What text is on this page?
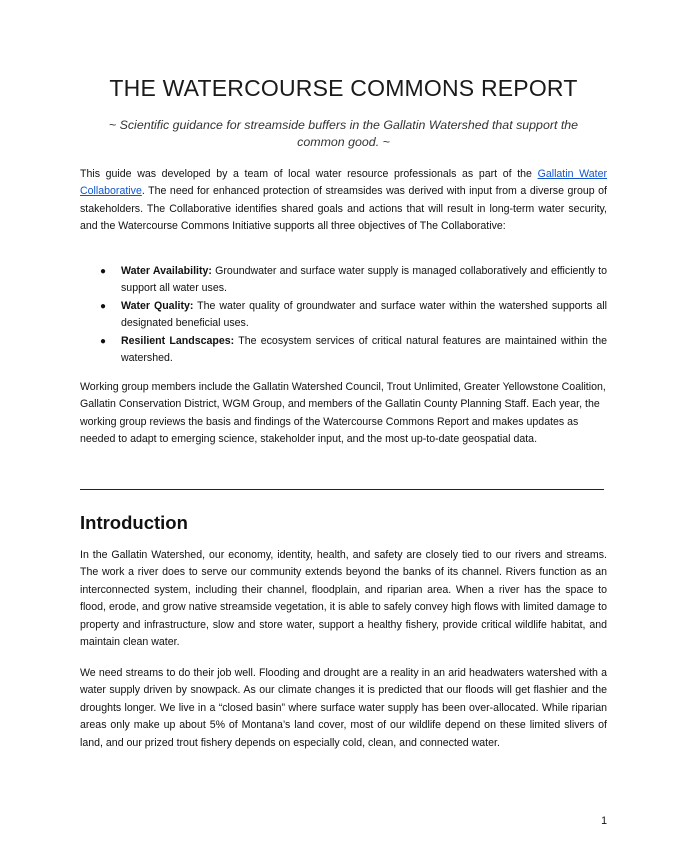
THE WATERCOURSE COMMONS REPORT

~ Scientific guidance for streamside buffers in the Gallatin Watershed that support the common good. ~

This guide was developed by a team of local water resource professionals as part of the Gallatin Water Collaborative. The need for enhanced protection of streamsides was derived with input from a diverse group of stakeholders. The Collaborative identifies shared goals and actions that will result in long-term water security, and the Watercourse Commons Initiative supports all three objectives of The Collaborative:

● Water Availability: Groundwater and surface water supply is managed collaboratively and efficiently to support all water uses.
● Water Quality: The water quality of groundwater and surface water within the watershed supports all designated beneficial uses.
● Resilient Landscapes: The ecosystem services of critical natural features are maintained within the watershed.

Working group members include the Gallatin Watershed Council, Trout Unlimited, Greater Yellowstone Coalition, Gallatin Conservation District, WGM Group, and members of the Gallatin County Planning Staff. Each year, the working group reviews the basis and findings of the Watercourse Commons Report and makes updates as needed to adapt to emerging science, stakeholder input, and the most up-to-date geospatial data.

Introduction

In the Gallatin Watershed, our economy, identity, health, and safety are closely tied to our rivers and streams. The work a river does to serve our community extends beyond the banks of its channel. Rivers function as an interconnected system, including their channel, floodplain, and riparian area. When a river has the space to flood, erode, and grow native streamside vegetation, it is able to safely convey high flows with limited damage to property and infrastructure, slow and store water, support a healthy fishery, provide critical wildlife habitat, and maintain clean water.

We need streams to do their job well. Flooding and drought are a reality in an arid headwaters watershed with a water supply driven by snowpack. As our climate changes it is predicted that our floods will get flashier and the droughts longer. We live in a “closed basin” where surface water supply has been over-allocated. While riparian areas only make up about 5% of Montana’s land cover, most of our wildlife depend on these limited slivers of land, and our prized trout fishery depends on especially cold, clean, and connected water.

1
